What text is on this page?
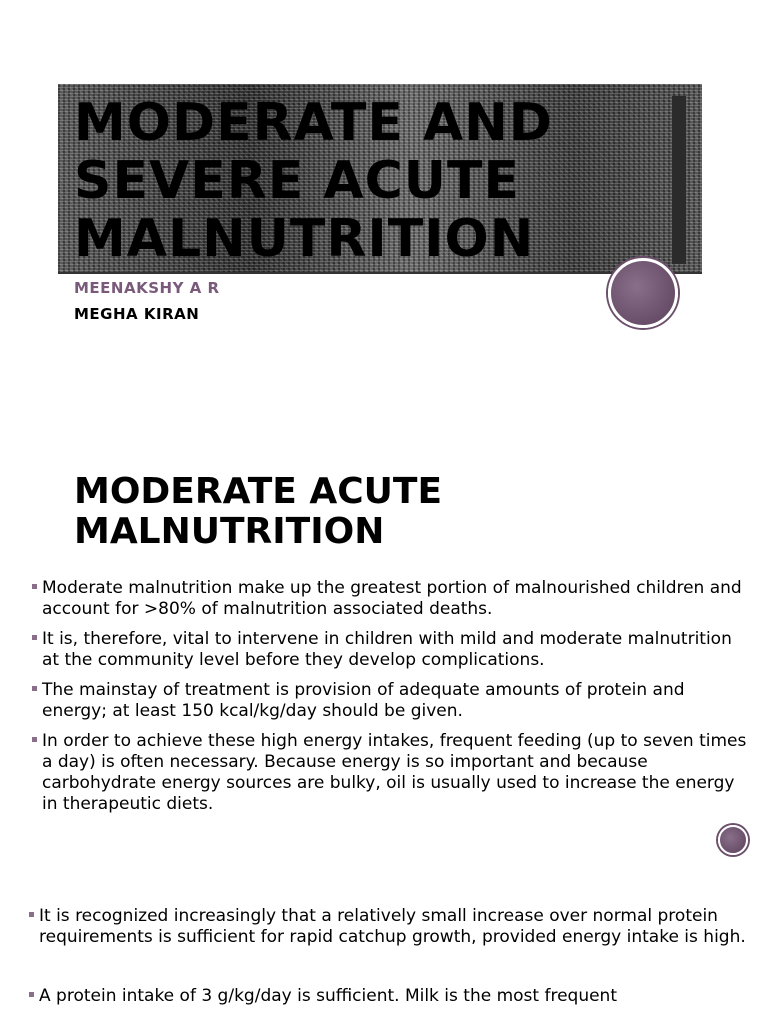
MODERATE AND SEVERE ACUTE MALNUTRITION

MEENAKSHY A R

MEGHA KIRAN

MODERATE ACUTE MALNUTRITION
Moderate malnutrition make up the greatest portion of malnourished children and account for >80% of malnutrition associated deaths.
It is, therefore, vital to intervene in children with mild and moderate malnutrition at the community level before they develop complications.
The mainstay of treatment is provision of adequate amounts of protein and energy; at least 150 kcal/kg/day should be given.
In order to achieve these high energy intakes, frequent feeding (up to seven times a day) is often necessary. Because energy is so important and because carbohydrate energy sources are bulky, oil is usually used to increase the energy in therapeutic diets.
It is recognized increasingly that a relatively small increase over normal protein requirements is sufficient for rapid catchup growth, provided energy intake is high.
A protein intake of 3 g/kg/day is sufficient. Milk is the most frequent
